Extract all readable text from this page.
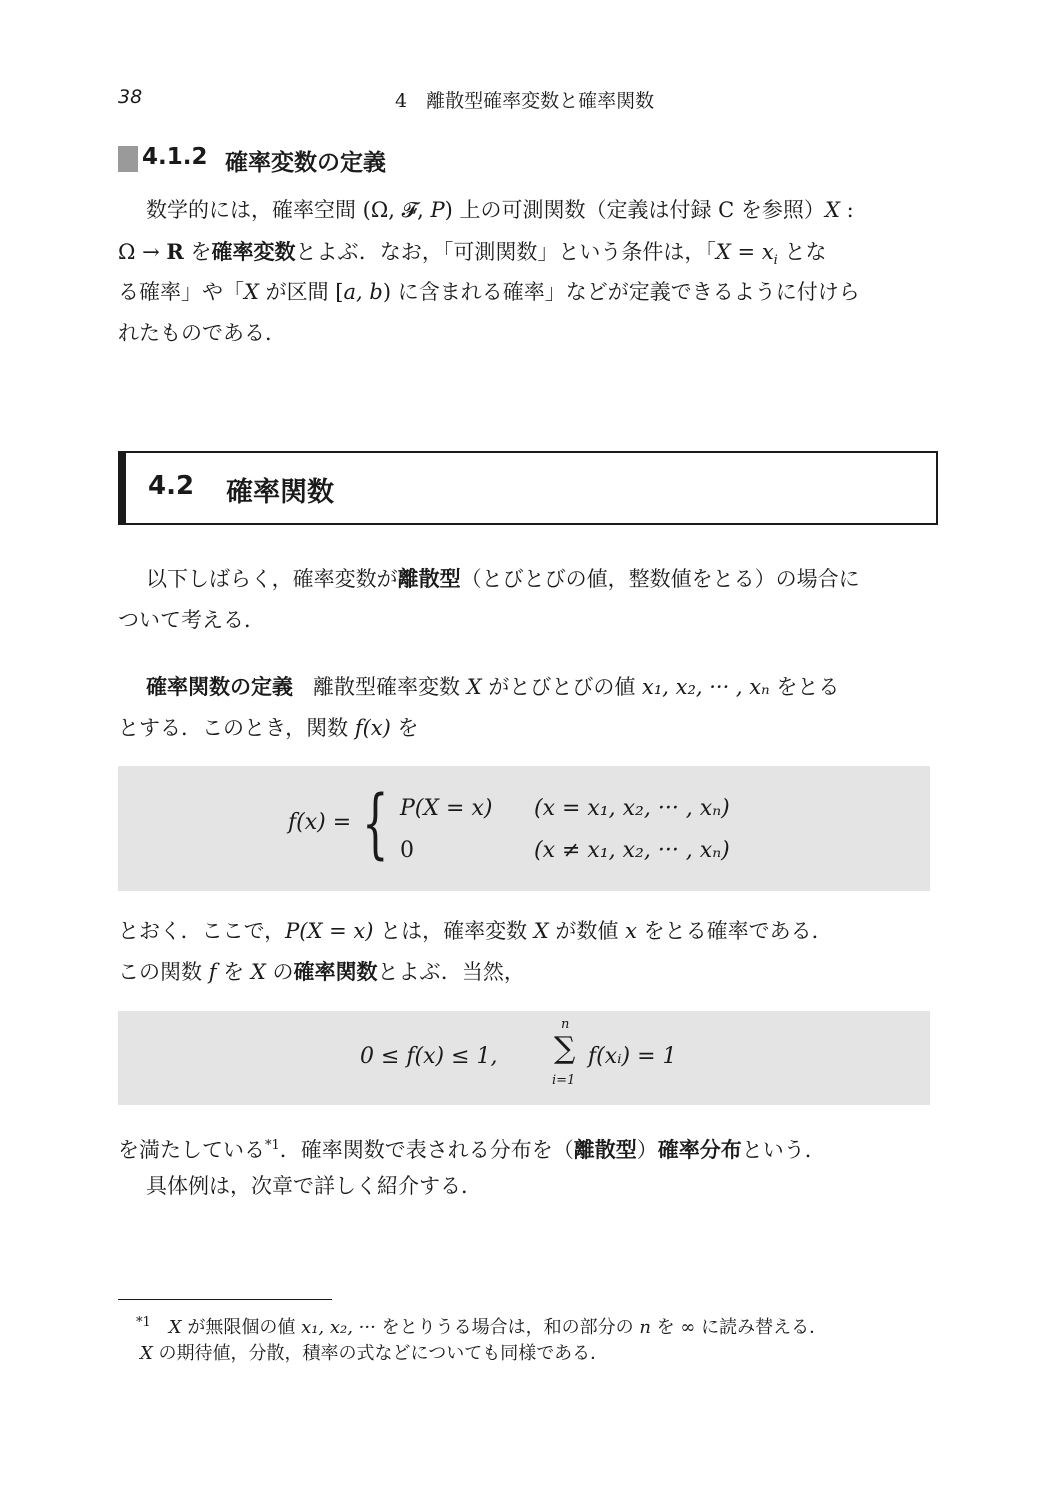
38	4　離散型確率変数と確率関数
4.1.2 確率変数の定義
数学的には，確率空間 (Ω, 𝓕, P) 上の可測関数（定義は付録 C を参照）X :
Ω → R を確率変数とよぶ．なお，「可測関数」という条件は，「$X = x_i$ とな
る確率」や「X が区間 [a, b) に含まれる確率」などが定義できるように付けら
れたものである．
4.2 確率関数
以下しばらく，確率変数が離散型（とびとびの値，整数値をとる）の場合に
ついて考える．
確率関数の定義 離散型確率変数 X がとびとびの値 x₁, x₂, ··· , xₙ をとる
とする．このとき，関数 f(x) を
f(x) = { P(X = x) (x = x₁, x₂, ··· , xₙ)
0	(x ≠ x₁, x₂, ··· , xₙ)
とおく．ここで，P(X = x) とは，確率変数 X が数値 x をとる確率である．
この関数 f を X の確率関数とよぶ．当然，
0 ≤ f(x) ≤ 1,
n
∑
i=1
f(xᵢ) = 1
を満たしている$^{*1}$．確率関数で表される分布を（離散型）確率分布という．
具体例は，次章で詳しく紹介する．
$^{*1}$ X が無限個の値 x₁, x₂, ··· をとりうる場合は，和の部分の n を ∞ に読み替える．
X の期待値，分散，積率の式などについても同様である．
